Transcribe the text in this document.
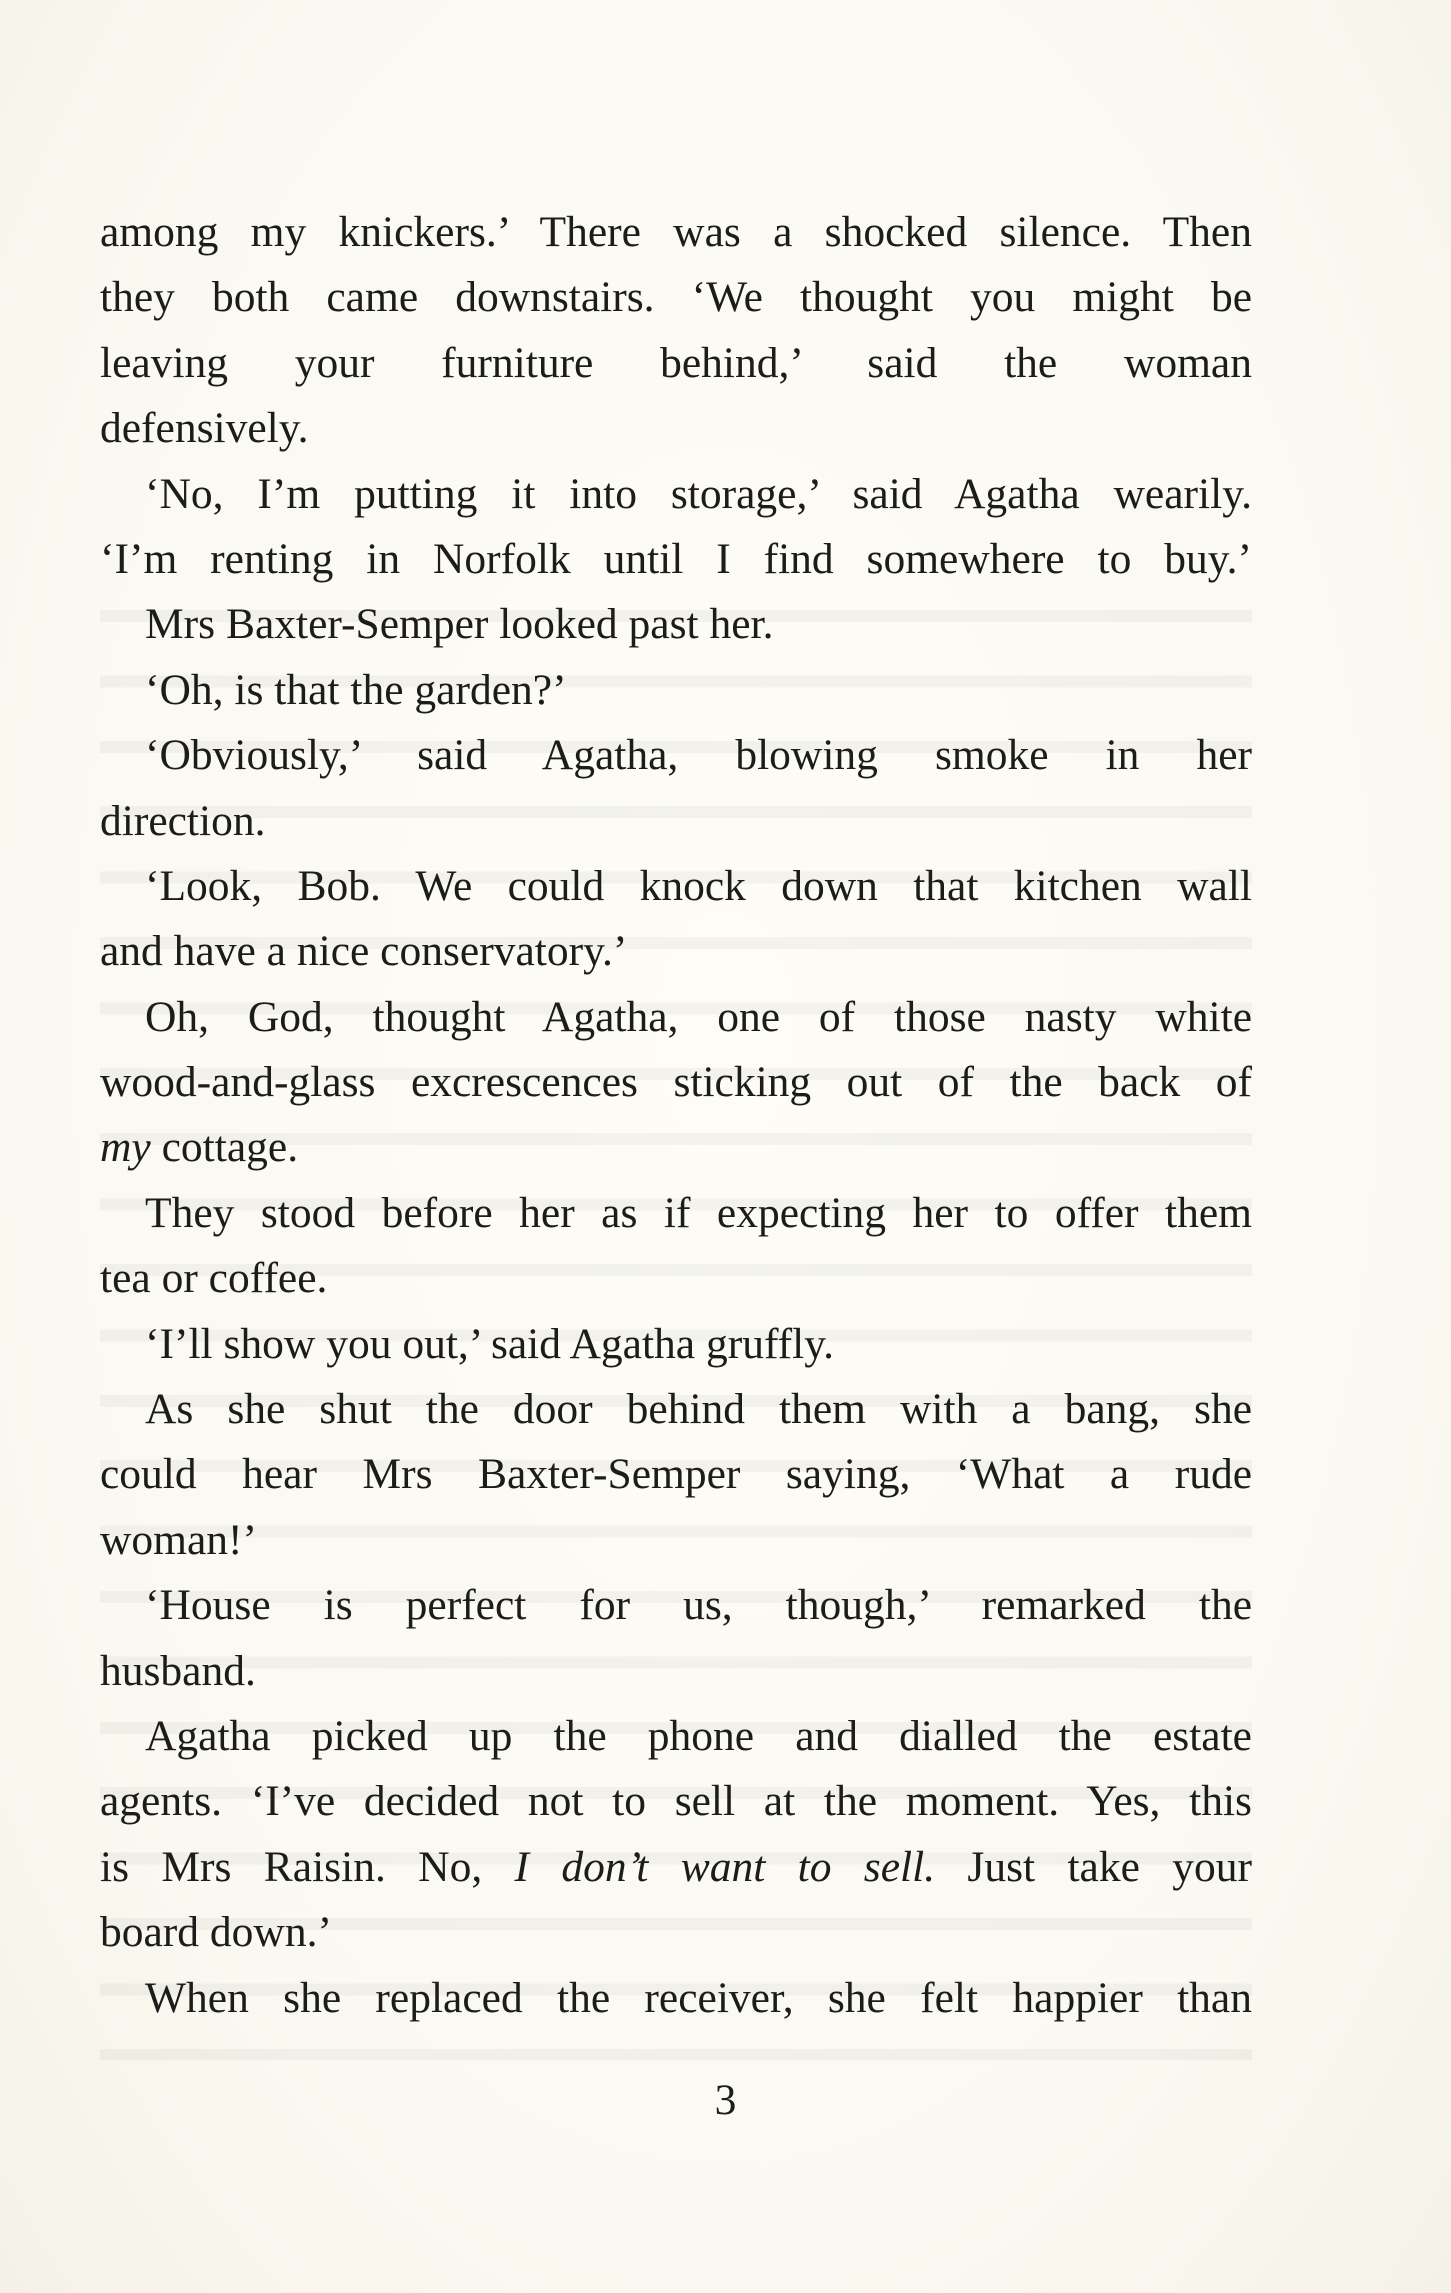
among my knickers.’ There was a shocked silence. Then
they both came downstairs. ‘We thought you might be
leaving your furniture behind,’ said the woman
defensively.
‘No, I’m putting it into storage,’ said Agatha wearily.
‘I’m renting in Norfolk until I find somewhere to buy.’
Mrs Baxter-Semper looked past her.
‘Oh, is that the garden?’
‘Obviously,’ said Agatha, blowing smoke in her
direction.
‘Look, Bob. We could knock down that kitchen wall
and have a nice conservatory.’
Oh, God, thought Agatha, one of those nasty white
wood-and-glass excrescences sticking out of the back of
my cottage.
They stood before her as if expecting her to offer them
tea or coffee.
‘I’ll show you out,’ said Agatha gruffly.
As she shut the door behind them with a bang, she
could hear Mrs Baxter-Semper saying, ‘What a rude
woman!’
‘House is perfect for us, though,’ remarked the
husband.
Agatha picked up the phone and dialled the estate
agents. ‘I’ve decided not to sell at the moment. Yes, this
is Mrs Raisin. No, I don’t want to sell. Just take your
board down.’
When she replaced the receiver, she felt happier than
3
